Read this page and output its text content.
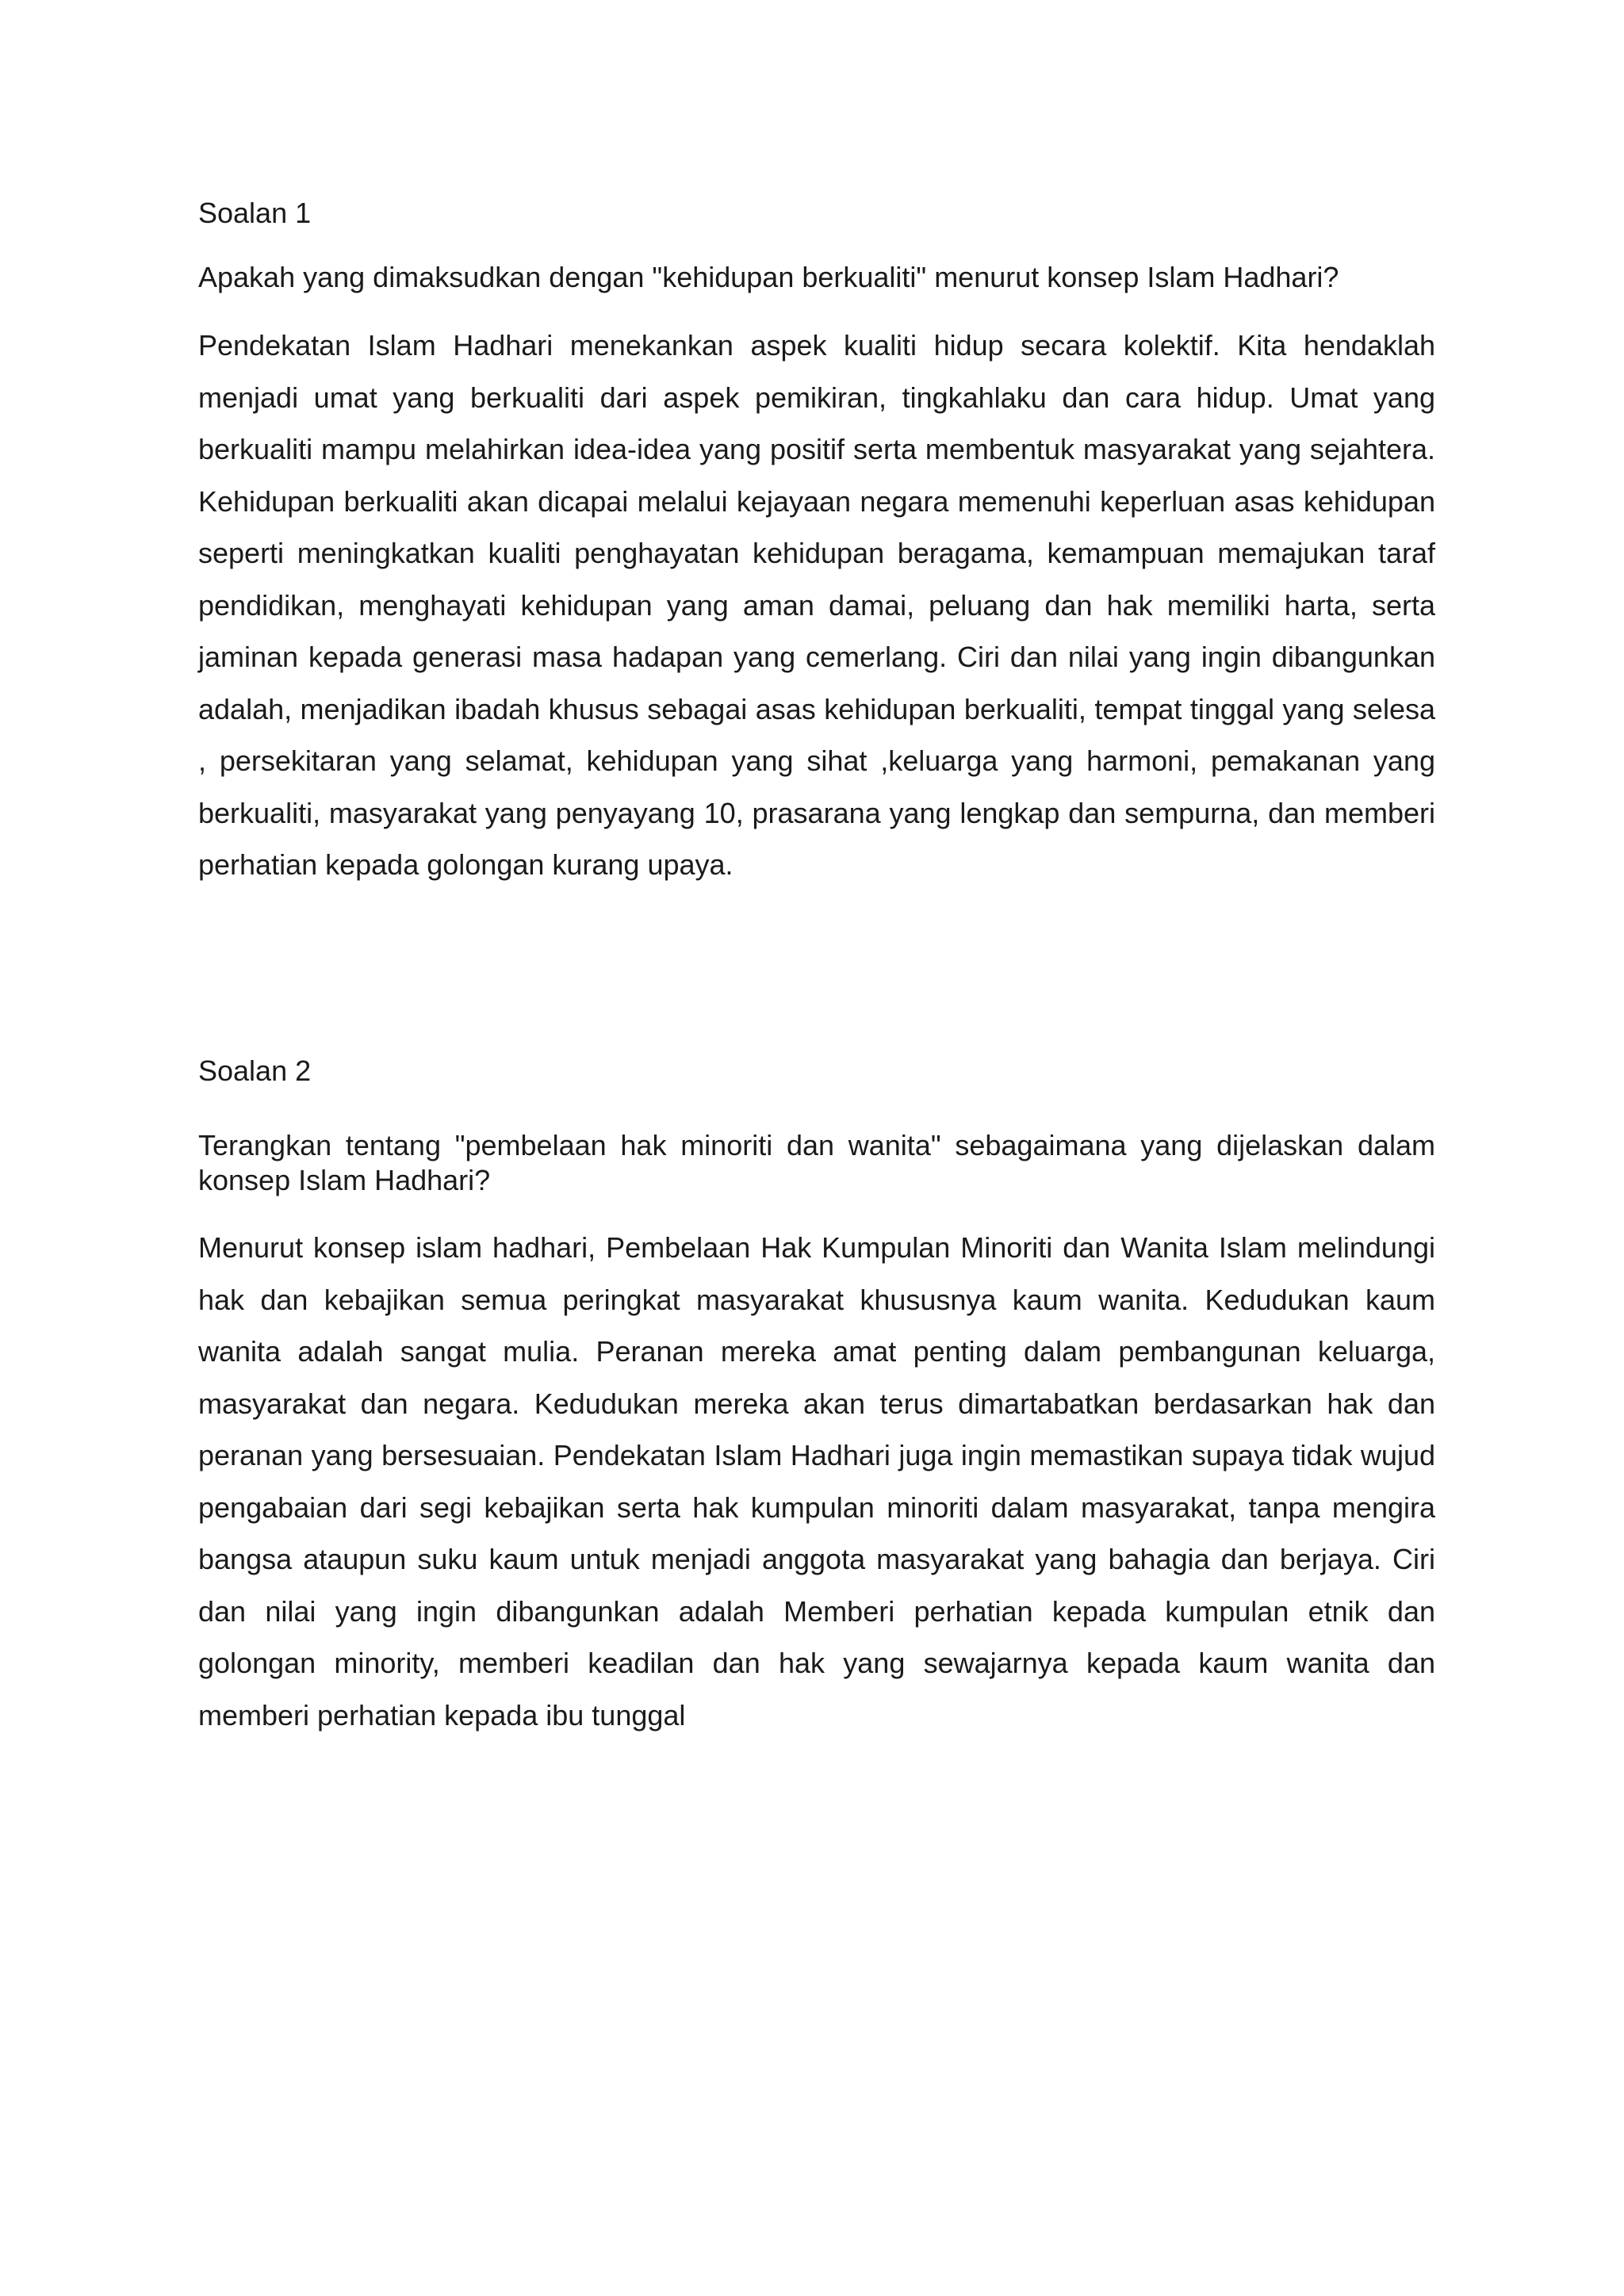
Soalan 1

Apakah yang dimaksudkan dengan "kehidupan berkualiti" menurut konsep Islam Hadhari?

Pendekatan Islam Hadhari menekankan aspek kualiti hidup secara kolektif. Kita hendaklah menjadi umat yang berkualiti dari aspek pemikiran, tingkahlaku dan cara hidup. Umat yang berkualiti mampu melahirkan idea-idea yang positif serta membentuk masyarakat yang sejahtera. Kehidupan berkualiti akan dicapai melalui kejayaan negara memenuhi keperluan asas kehidupan seperti meningkatkan kualiti penghayatan kehidupan beragama, kemampuan memajukan taraf pendidikan, menghayati kehidupan yang aman damai, peluang dan hak memiliki harta, serta jaminan kepada generasi masa hadapan yang cemerlang. Ciri dan nilai yang ingin dibangunkan adalah, menjadikan ibadah khusus sebagai asas kehidupan berkualiti, tempat tinggal yang selesa , persekitaran yang selamat, kehidupan yang sihat ,keluarga yang harmoni, pemakanan yang berkualiti, masyarakat yang penyayang 10, prasarana yang lengkap dan sempurna, dan memberi perhatian kepada golongan kurang upaya.

Soalan 2

Terangkan tentang "pembelaan hak minoriti dan wanita" sebagaimana yang dijelaskan dalam konsep Islam Hadhari?

Menurut konsep islam hadhari, Pembelaan Hak Kumpulan Minoriti dan Wanita Islam melindungi hak dan kebajikan semua peringkat masyarakat khususnya kaum wanita. Kedudukan kaum wanita adalah sangat mulia. Peranan mereka amat penting dalam pembangunan keluarga, masyarakat dan negara. Kedudukan mereka akan terus dimartabatkan berdasarkan hak dan peranan yang bersesuaian. Pendekatan Islam Hadhari juga ingin memastikan supaya tidak wujud pengabaian dari segi kebajikan serta hak kumpulan minoriti dalam masyarakat, tanpa mengira bangsa ataupun suku kaum untuk menjadi anggota masyarakat yang bahagia dan berjaya. Ciri dan nilai yang ingin dibangunkan adalah Memberi perhatian kepada kumpulan etnik dan golongan minority, memberi keadilan dan hak yang sewajarnya kepada kaum wanita dan memberi perhatian kepada ibu tunggal
